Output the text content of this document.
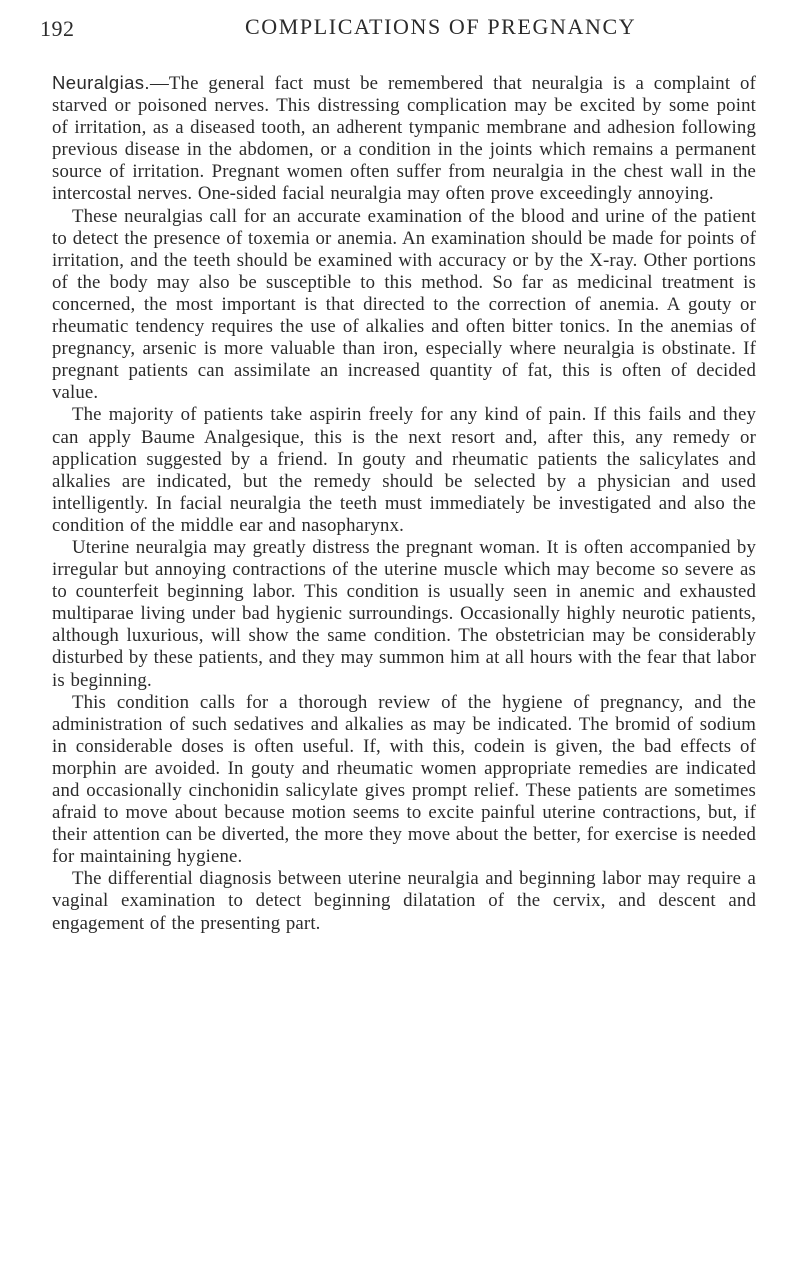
192	COMPLICATIONS OF PREGNANCY

Neuralgias.—The general fact must be remembered that neuralgia is a complaint of starved or poisoned nerves. This distressing complication may be excited by some point of irritation, as a diseased tooth, an adherent tympanic membrane and adhesion following previous disease in the abdomen, or a condition in the joints which remains a permanent source of irritation. Pregnant women often suffer from neuralgia in the chest wall in the intercostal nerves. One-sided facial neuralgia may often prove exceedingly annoying.

These neuralgias call for an accurate examination of the blood and urine of the patient to detect the presence of toxemia or anemia. An examination should be made for points of irritation, and the teeth should be examined with accuracy or by the X-ray. Other portions of the body may also be susceptible to this method. So far as medicinal treatment is concerned, the most important is that directed to the correction of anemia. A gouty or rheumatic tendency requires the use of alkalies and often bitter tonics. In the anemias of pregnancy, arsenic is more valuable than iron, especially where neuralgia is obstinate. If pregnant patients can assimilate an increased quantity of fat, this is often of decided value.

The majority of patients take aspirin freely for any kind of pain. If this fails and they can apply Baume Analgesique, this is the next resort and, after this, any remedy or application suggested by a friend. In gouty and rheumatic patients the salicylates and alkalies are indicated, but the remedy should be selected by a physician and used intelligently. In facial neuralgia the teeth must immediately be investigated and also the condition of the middle ear and nasopharynx.

Uterine neuralgia may greatly distress the pregnant woman. It is often accompanied by irregular but annoying contractions of the uterine muscle which may become so severe as to counterfeit beginning labor. This condition is usually seen in anemic and exhausted multiparae living under bad hygienic surroundings. Occasionally highly neurotic patients, although luxurious, will show the same condition. The obstetrician may be considerably disturbed by these patients, and they may summon him at all hours with the fear that labor is beginning.

This condition calls for a thorough review of the hygiene of pregnancy, and the administration of such sedatives and alkalies as may be indicated. The bromid of sodium in considerable doses is often useful. If, with this, codein is given, the bad effects of morphin are avoided. In gouty and rheumatic women appropriate remedies are indicated and occasionally cinchonidin salicylate gives prompt relief. These patients are sometimes afraid to move about because motion seems to excite painful uterine contractions, but, if their attention can be diverted, the more they move about the better, for exercise is needed for maintaining hygiene.

The differential diagnosis between uterine neuralgia and beginning labor may require a vaginal examination to detect beginning dilatation of the cervix, and descent and engagement of the presenting part.
